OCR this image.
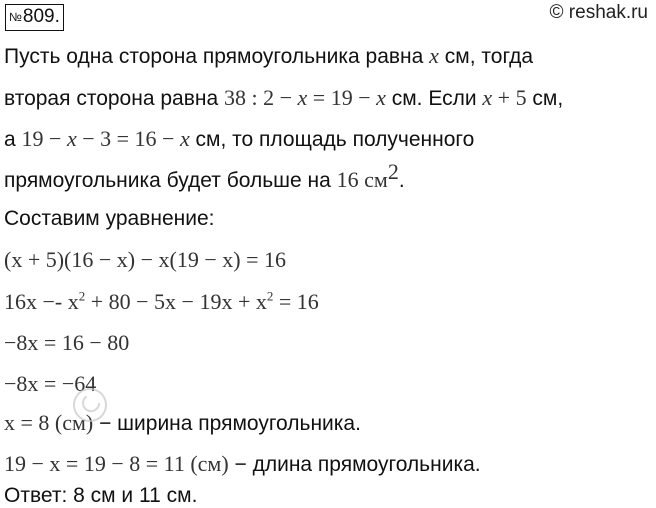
№809.	© reshak.ru
Пусть одна сторона прямоугольника равна x см, тогда
вторая сторона равна 38 : 2 − x = 19 − x см. Если x + 5 см,
а 19 − x − 3 = 16 − x см, то площадь полученного
прямоугольника будет больше на 16 $см^2$.
Составим уравнение:
(x + 5)(16 − x) − x(19 − x) = 16
$16x -- x^2 + 80 - 5x - 19x + x^2 = 16$
−8x = 16 − 80
−8x = −64
x = 8 (см) − ширина прямоугольника.
19 − x = 19 − 8 = 11 (см) − длина прямоугольника.
Ответ: 8 см и 11 см.
